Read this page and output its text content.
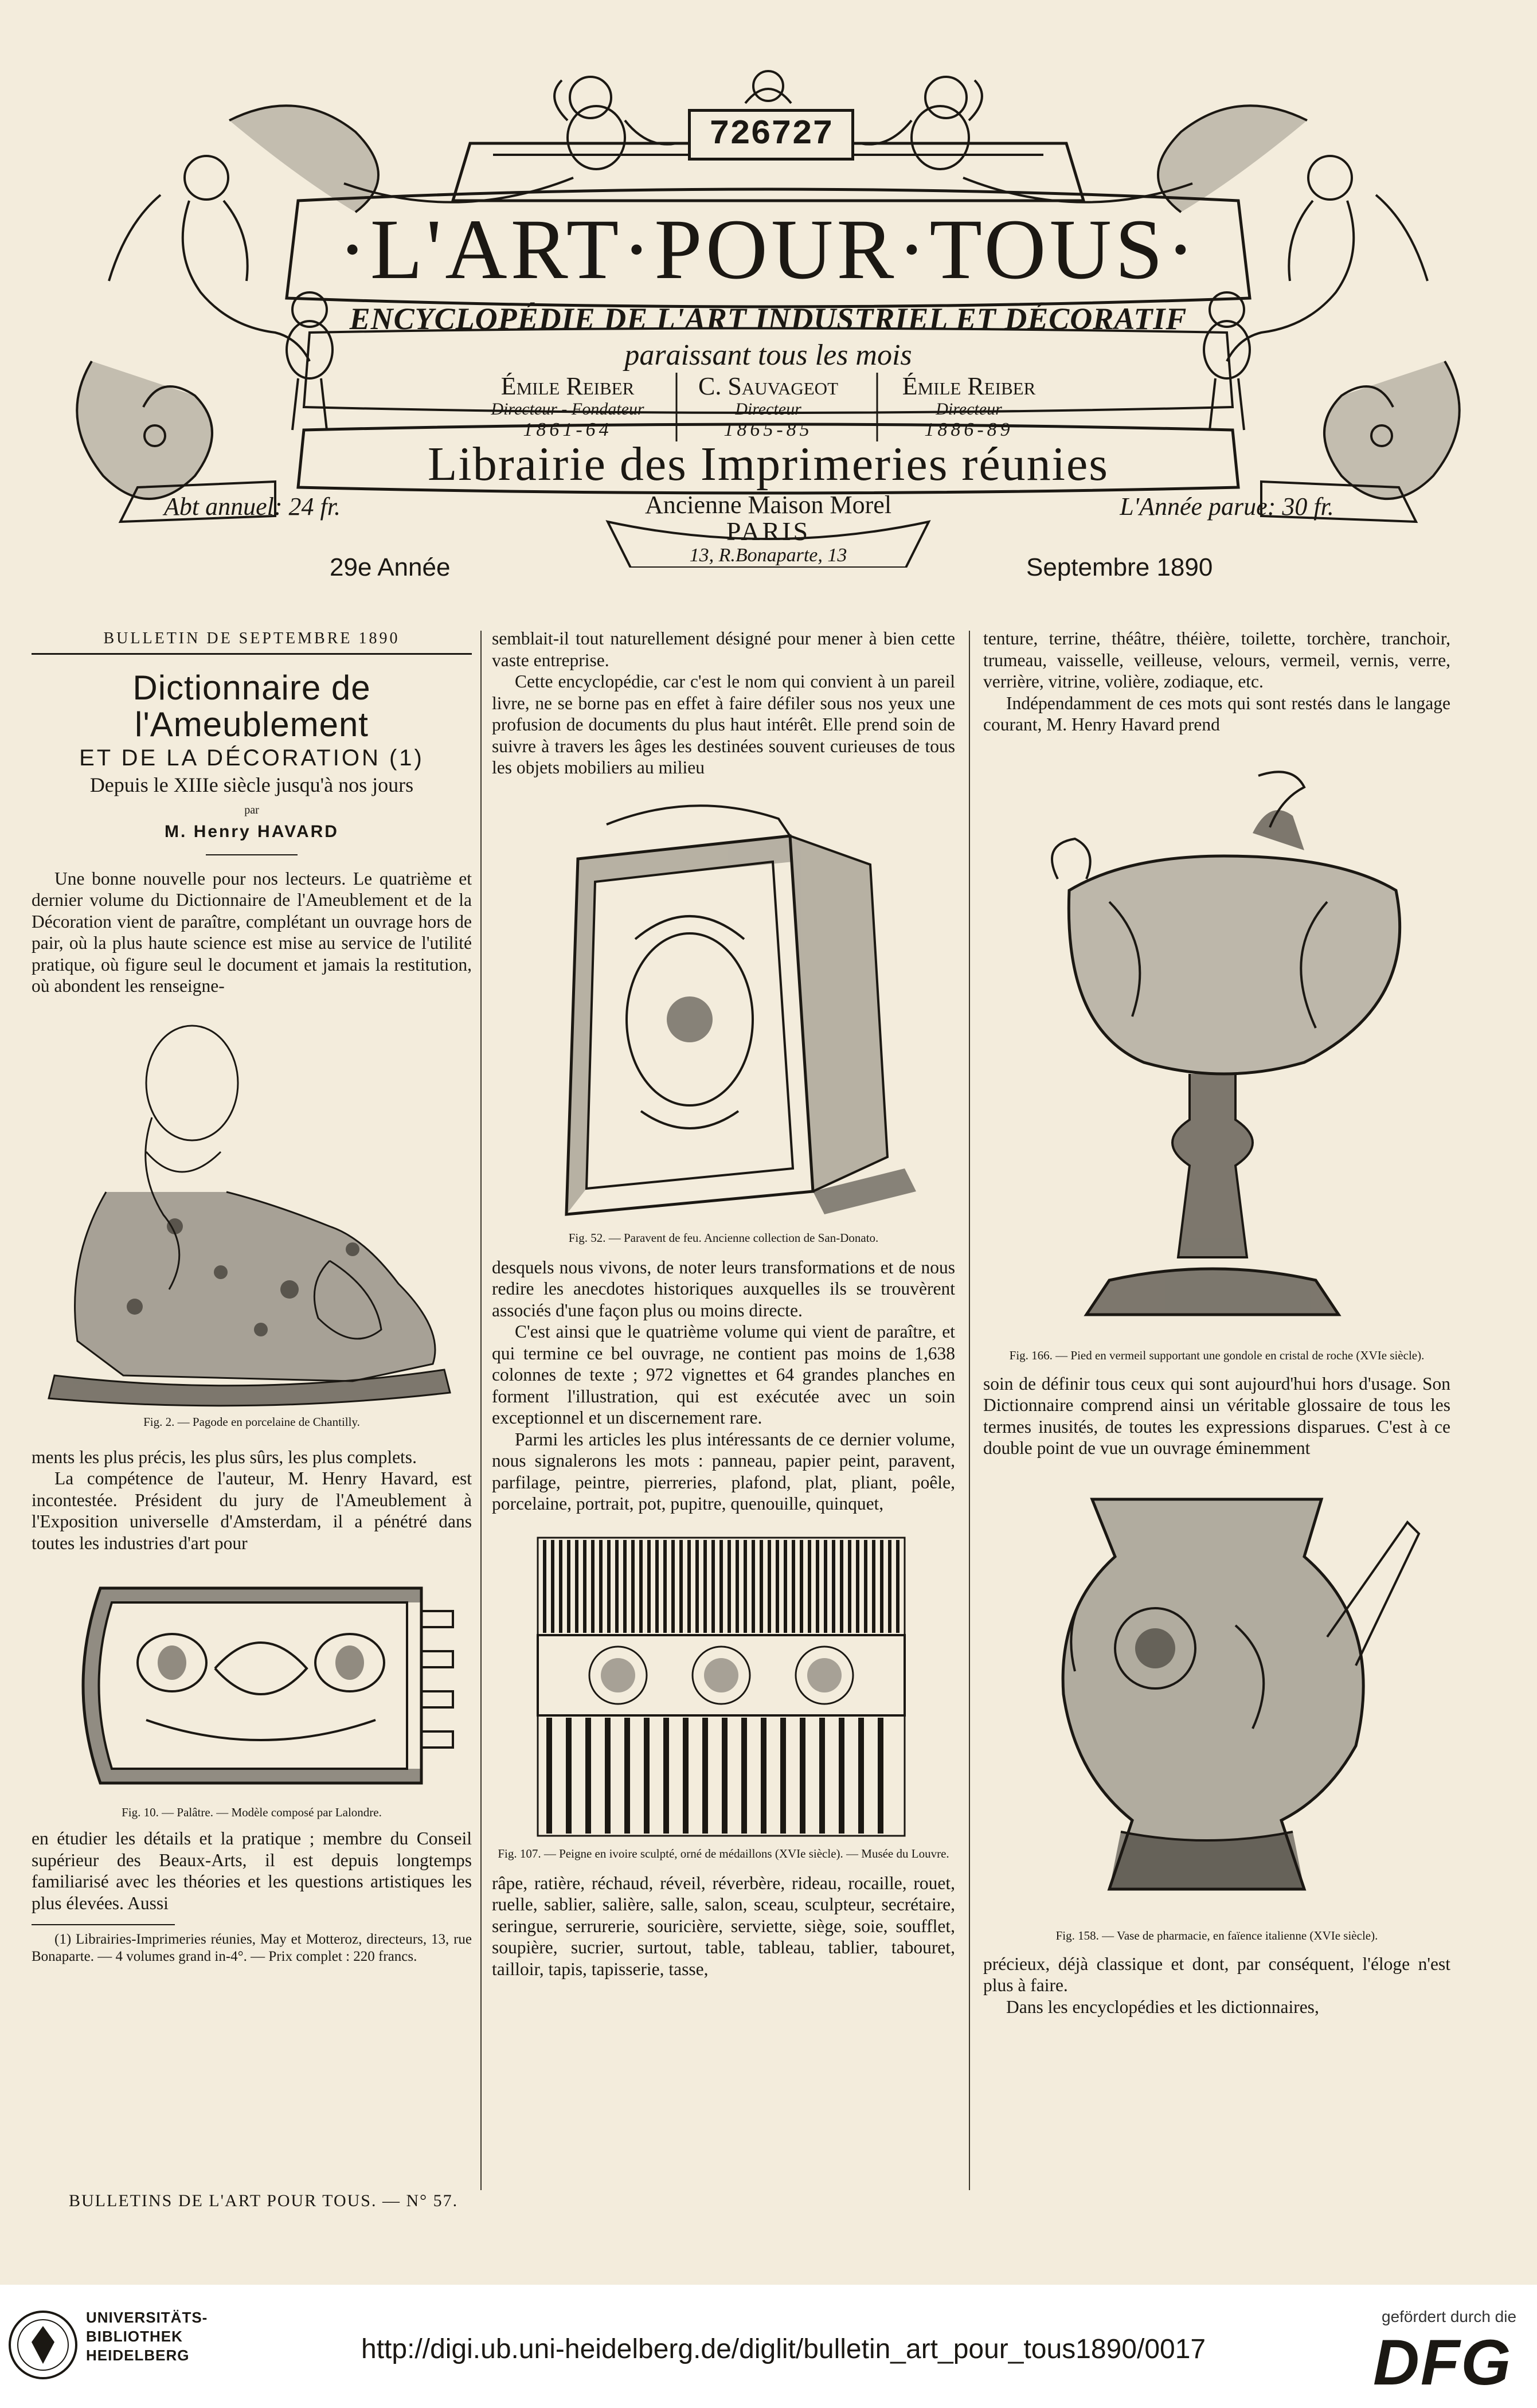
726727
·L'ART·POUR·TOUS·
ENCYCLOPÉDIE DE L'ART INDUSTRIEL ET DÉCORATIF
paraissant tous les mois
Émile Reiber
Directeur - Fondateur
1861-64
C. Sauvageot
Directeur
1865-85
Émile Reiber
Directeur
1886-89
Librairie des Imprimeries réunies
Abt annuel: 24 fr.	L'Année parue: 30 fr.
Ancienne Maison Morel
PARIS
13, R.Bonaparte, 13
29e Année	Septembre 1890
BULLETIN DE SEPTEMBRE 1890
Dictionnaire de l'Ameublement
ET DE LA DÉCORATION (1)
Depuis le XIIIe siècle jusqu'à nos jours
par
M. Henry HAVARD

Une bonne nouvelle pour nos lecteurs. Le quatrième et dernier volume du Dictionnaire de l'Ameublement et de la Décoration vient de paraître, complétant un ouvrage hors de pair, où la plus haute science est mise au service de l'utilité pratique, où figure seul le document et jamais la restitution, où abondent les renseigne-

Fig. 2. — Pagode en porcelaine de Chantilly.

ments les plus précis, les plus sûrs, les plus complets.

La compétence de l'auteur, M. Henry Havard, est incontestée. Président du jury de l'Ameublement à l'Exposition universelle d'Amsterdam, il a pénétré dans toutes les industries d'art pour

Fig. 10. — Palâtre. — Modèle composé par Lalondre.

en étudier les détails et la pratique ; membre du Conseil supérieur des Beaux-Arts, il est depuis longtemps familiarisé avec les théories et les questions artistiques les plus élevées. Aussi

(1) Librairies-Imprimeries réunies, May et Motteroz, directeurs, 13, rue Bonaparte. — 4 volumes grand in-4°. — Prix complet : 220 francs.

BULLETINS DE L'ART POUR TOUS. — N° 57.

semblait-il tout naturellement désigné pour mener à bien cette vaste entreprise.

Cette encyclopédie, car c'est le nom qui convient à un pareil livre, ne se borne pas en effet à faire défiler sous nos yeux une profusion de documents du plus haut intérêt. Elle prend soin de suivre à travers les âges les destinées souvent curieuses de tous les objets mobiliers au milieu

Fig. 52. — Paravent de feu. Ancienne collection de San-Donato.

desquels nous vivons, de noter leurs transformations et de nous redire les anecdotes historiques auxquelles ils se trouvèrent associés d'une façon plus ou moins directe.

C'est ainsi que le quatrième volume qui vient de paraître, et qui termine ce bel ouvrage, ne contient pas moins de 1,638 colonnes de texte ; 972 vignettes et 64 grandes planches en forment l'illustration, qui est exécutée avec un soin exceptionnel et un discernement rare.

Parmi les articles les plus intéressants de ce dernier volume, nous signalerons les mots : panneau, papier peint, paravent, parfilage, peintre, pierreries, plafond, plat, pliant, poêle, porcelaine, portrait, pot, pupitre, quenouille, quinquet,

Fig. 107. — Peigne en ivoire sculpté, orné de médaillons (XVIe siècle). — Musée du Louvre.

râpe, ratière, réchaud, réveil, réverbère, rideau, rocaille, rouet, ruelle, sablier, salière, salle, salon, sceau, sculpteur, secrétaire, seringue, serrurerie, souricière, serviette, siège, soie, soufflet, soupière, sucrier, surtout, table, tableau, tablier, tabouret, tailloir, tapis, tapisserie, tasse,

tenture, terrine, théâtre, théière, toilette, torchère, tranchoir, trumeau, vaisselle, veilleuse, velours, vermeil, vernis, verre, verrière, vitrine, volière, zodiaque, etc.

Indépendamment de ces mots qui sont restés dans le langage courant, M. Henry Havard prend

Fig. 166. — Pied en vermeil supportant une gondole en cristal de roche (XVIe siècle).

soin de définir tous ceux qui sont aujourd'hui hors d'usage. Son Dictionnaire comprend ainsi un véritable glossaire de tous les termes inusités, de toutes les expressions disparues. C'est à ce double point de vue un ouvrage éminemment

Fig. 158. — Vase de pharmacie, en faïence italienne (XVIe siècle).

précieux, déjà classique et dont, par conséquent, l'éloge n'est plus à faire.

Dans les encyclopédies et les dictionnaires,

UNIVERSITÄTS-
BIBLIOTHEK
HEIDELBERG	http://digi.ub.uni-heidelberg.de/diglit/bulletin_art_pour_tous1890/0017
gefördert durch die
DFG
